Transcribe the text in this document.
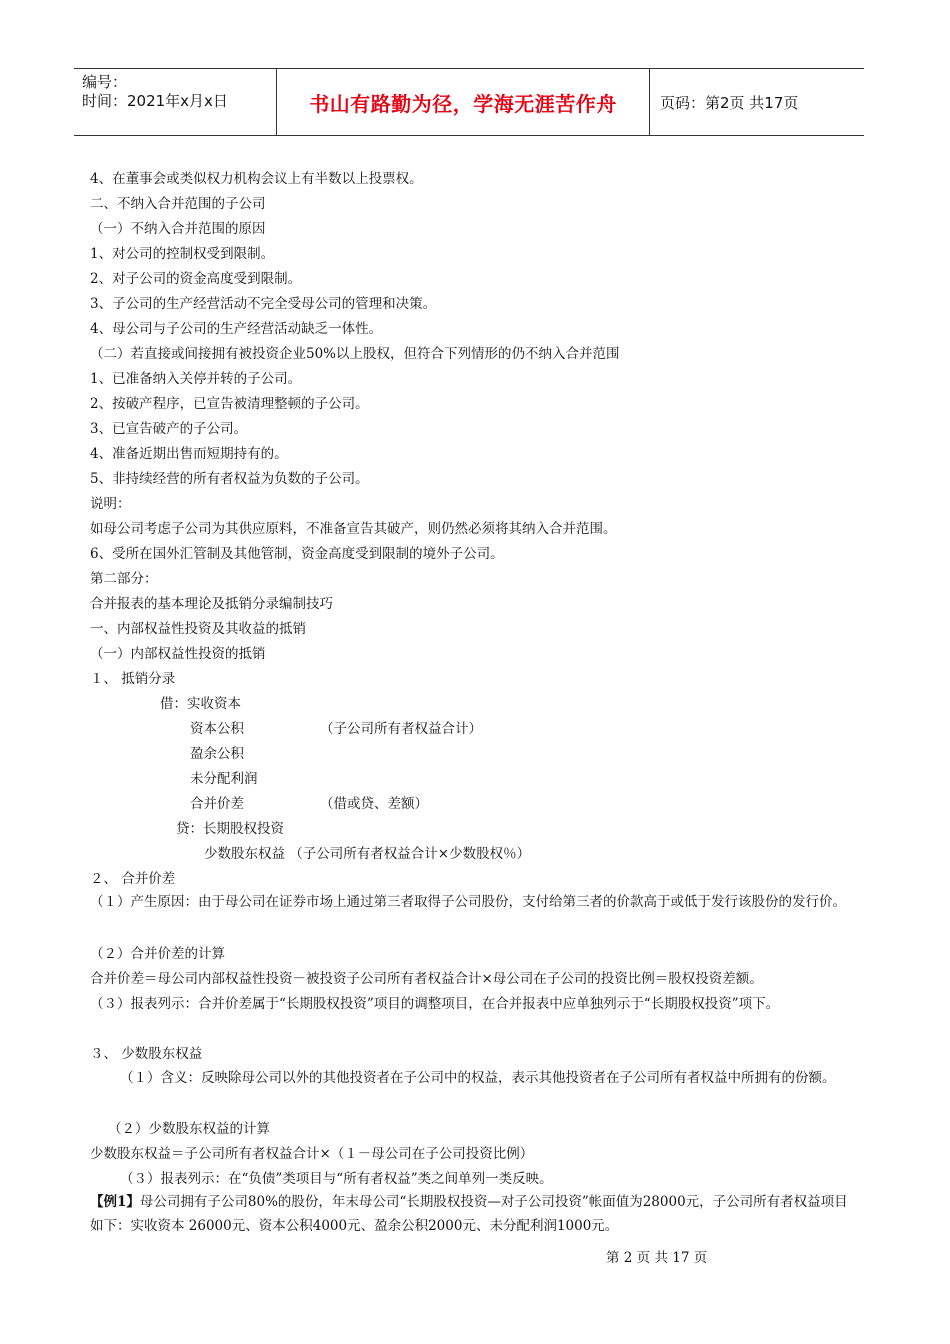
编号：
时间：2021年x月x日	书山有路勤为径，学海无涯苦作舟	页码：第2页 共17页
4、在董事会或类似权力机构会议上有半数以上投票权。
二、不纳入合并范围的子公司
（一）不纳入合并范围的原因
1、对公司的控制权受到限制。
2、对子公司的资金高度受到限制。
3、子公司的生产经营活动不完全受母公司的管理和决策。
4、母公司与子公司的生产经营活动缺乏一体性。
（二）若直接或间接拥有被投资企业50%以上股权，但符合下列情形的仍不纳入合并范围
1、已准备纳入关停并转的子公司。
2、按破产程序，已宣告被清理整顿的子公司。
3、已宣告破产的子公司。
4、准备近期出售而短期持有的。
5、非持续经营的所有者权益为负数的子公司。
说明：
如母公司考虑子公司为其供应原料，不准备宣告其破产，则仍然必须将其纳入合并范围。
6、受所在国外汇管制及其他管制，资金高度受到限制的境外子公司。
第二部分：
合并报表的基本理论及抵销分录编制技巧
一、内部权益性投资及其收益的抵销
（一）内部权益性投资的抵销
１、 抵销分录
借：实收资本
资本公积	（子公司所有者权益合计）
盈余公积
未分配利润
合并价差	（借或贷、差额）
贷：长期股权投资
少数股东权益 （子公司所有者权益合计×少数股权％）
２、 合并价差
（１）产生原因：由于母公司在证券市场上通过第三者取得子公司股份，支付给第三者的价款高于或低于发行该股份的发行价。
（２）合并价差的计算
合并价差＝母公司内部权益性投资－被投资子公司所有者权益合计×母公司在子公司的投资比例＝股权投资差额。
（３）报表列示：合并价差属于“长期股权投资”项目的调整项目，在合并报表中应单独列示于“长期股权投资”项下。
３、 少数股东权益
（１）含义：反映除母公司以外的其他投资者在子公司中的权益，表示其他投资者在子公司所有者权益中所拥有的份额。
（２）少数股东权益的计算
少数股东权益＝子公司所有者权益合计×（１－母公司在子公司投资比例）
（３）报表列示：在“负债”类项目与“所有者权益”类之间单列一类反映。
【例1】母公司拥有子公司80%的股份，年末母公司“长期股权投资—对子公司投资”帐面值为28000元，子公司所有者权益项目如下：实收资本 26000元、资本公积4000元、盈余公积2000元、未分配利润1000元。
第 2 页 共 17 页
